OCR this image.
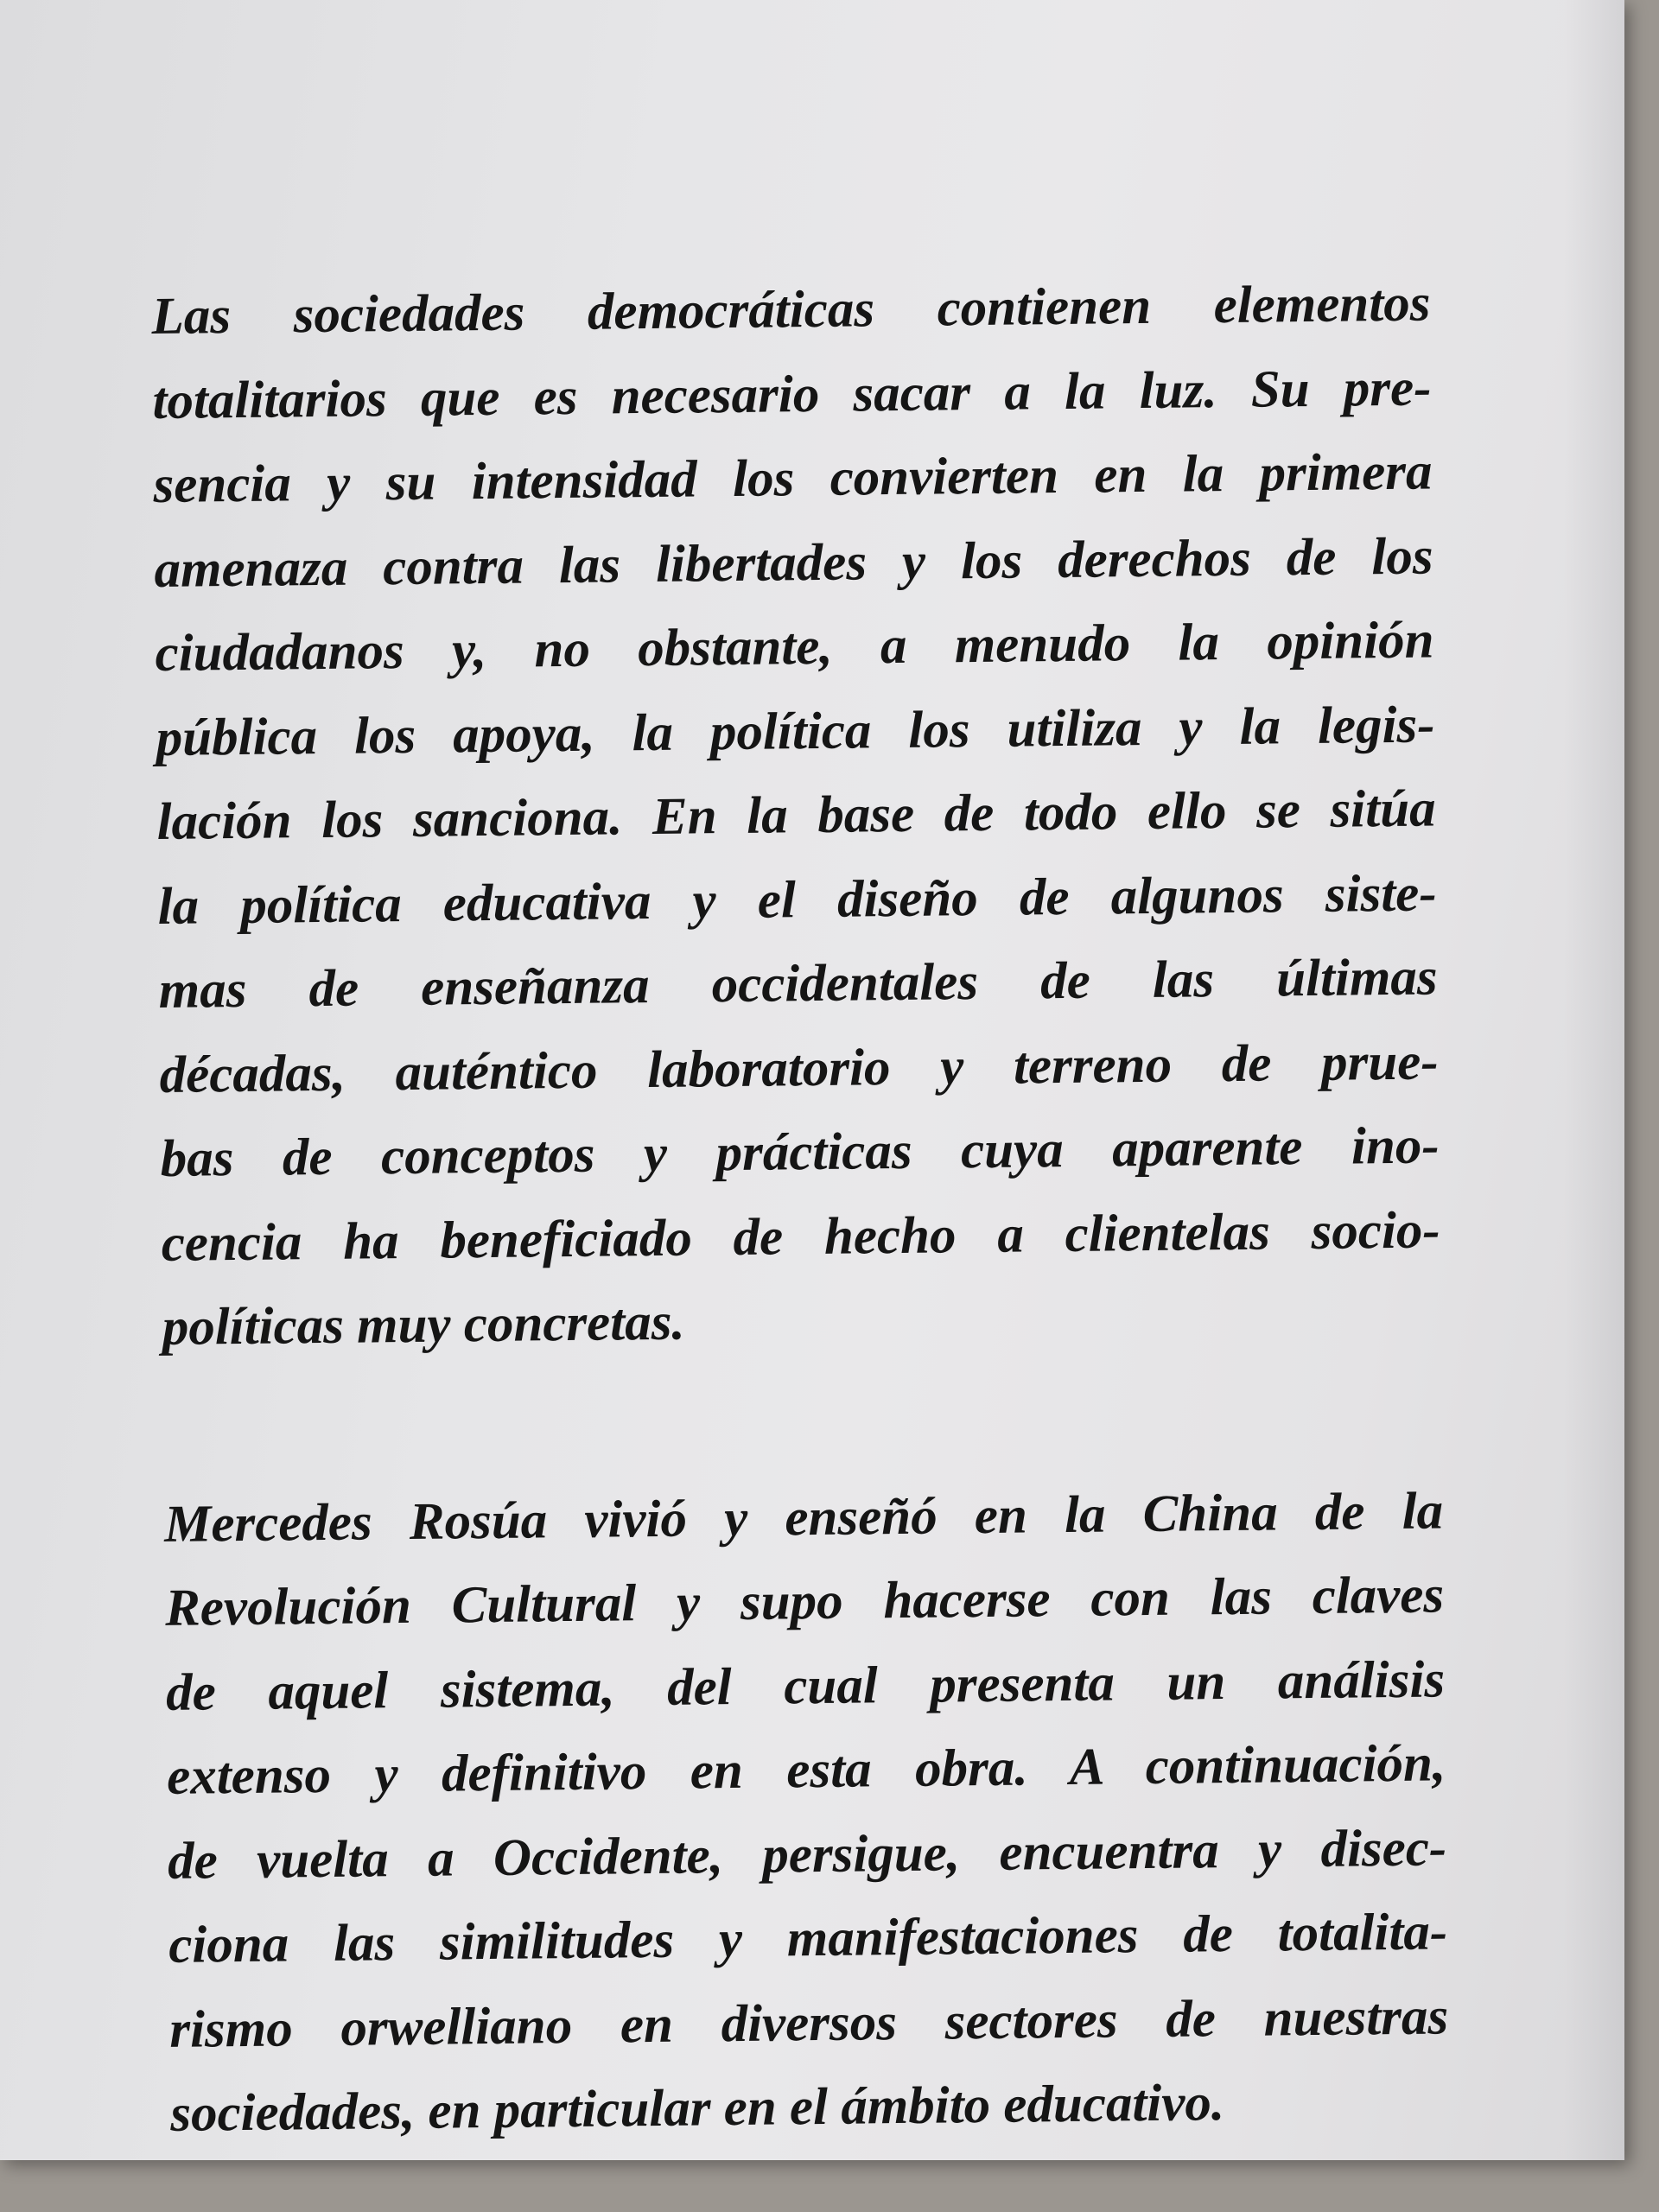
Las sociedades democráticas contienen elementos
totalitarios que es necesario sacar a la luz. Su pre-
sencia y su intensidad los convierten en la primera
amenaza contra las libertades y los derechos de los
ciudadanos y, no obstante, a menudo la opinión
pública los apoya, la política los utiliza y la legis-
lación los sanciona. En la base de todo ello se sitúa
la política educativa y el diseño de algunos siste-
mas de enseñanza occidentales de las últimas
décadas, auténtico laboratorio y terreno de prue-
bas de conceptos y prácticas cuya aparente ino-
cencia ha beneficiado de hecho a clientelas socio-
políticas muy concretas.
Mercedes Rosúa vivió y enseñó en la China de la
Revolución Cultural y supo hacerse con las claves
de aquel sistema, del cual presenta un análisis
extenso y definitivo en esta obra. A continuación,
de vuelta a Occidente, persigue, encuentra y disec-
ciona las similitudes y manifestaciones de totalita-
rismo orwelliano en diversos sectores de nuestras
sociedades, en particular en el ámbito educativo.
